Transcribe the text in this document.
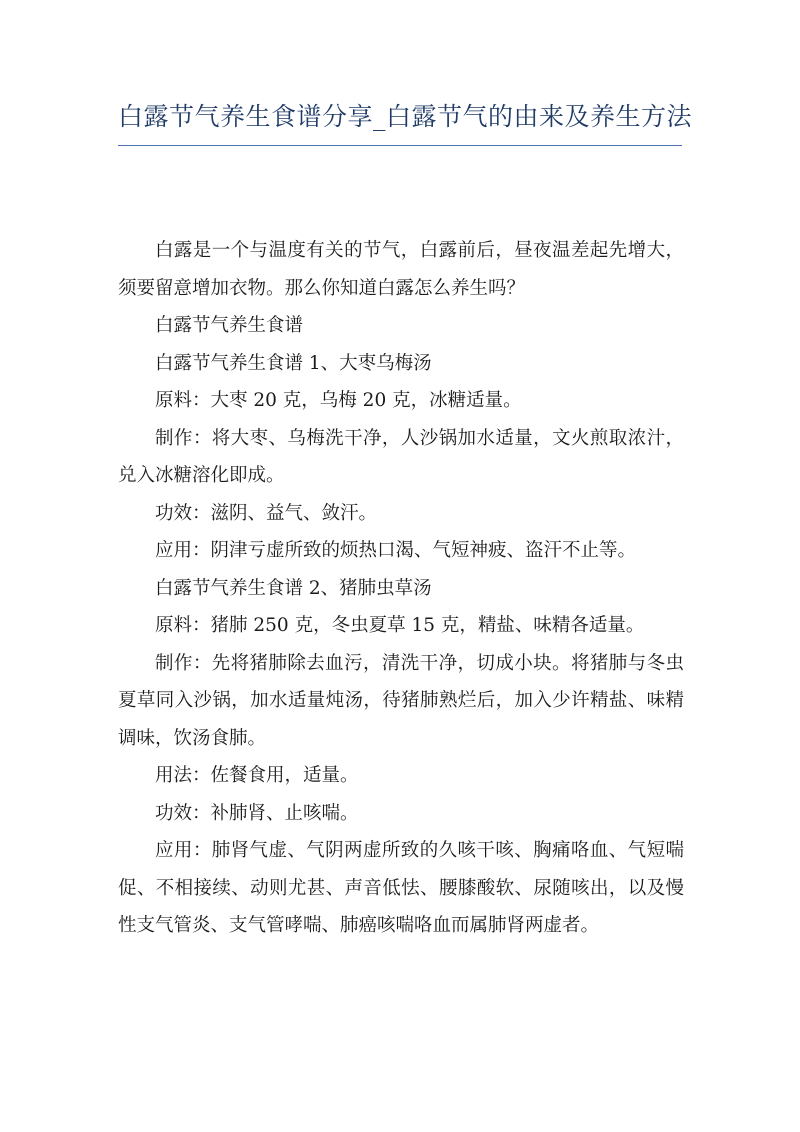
白露节气养生食谱分享_白露节气的由来及养生方法

白露是一个与温度有关的节气，白露前后，昼夜温差起先增大，须要留意增加衣物。那么你知道白露怎么养生吗？

白露节气养生食谱

白露节气养生食谱 1、大枣乌梅汤

原料：大枣 20 克，乌梅 20 克，冰糖适量。

制作：将大枣、乌梅洗干净，人沙锅加水适量，文火煎取浓汁，兑入冰糖溶化即成。

功效：滋阴、益气、敛汗。

应用：阴津亏虚所致的烦热口渴、气短神疲、盗汗不止等。

白露节气养生食谱 2、猪肺虫草汤

原料：猪肺 250 克，冬虫夏草 15 克，精盐、味精各适量。

制作：先将猪肺除去血污，清洗干净，切成小块。将猪肺与冬虫夏草同入沙锅，加水适量炖汤，待猪肺熟烂后，加入少许精盐、味精调味，饮汤食肺。

用法：佐餐食用，适量。

功效：补肺肾、止咳喘。

应用：肺肾气虚、气阴两虚所致的久咳干咳、胸痛咯血、气短喘促、不相接续、动则尤甚、声音低怯、腰膝酸软、尿随咳出，以及慢性支气管炎、支气管哮喘、肺癌咳喘咯血而属肺肾两虚者。
